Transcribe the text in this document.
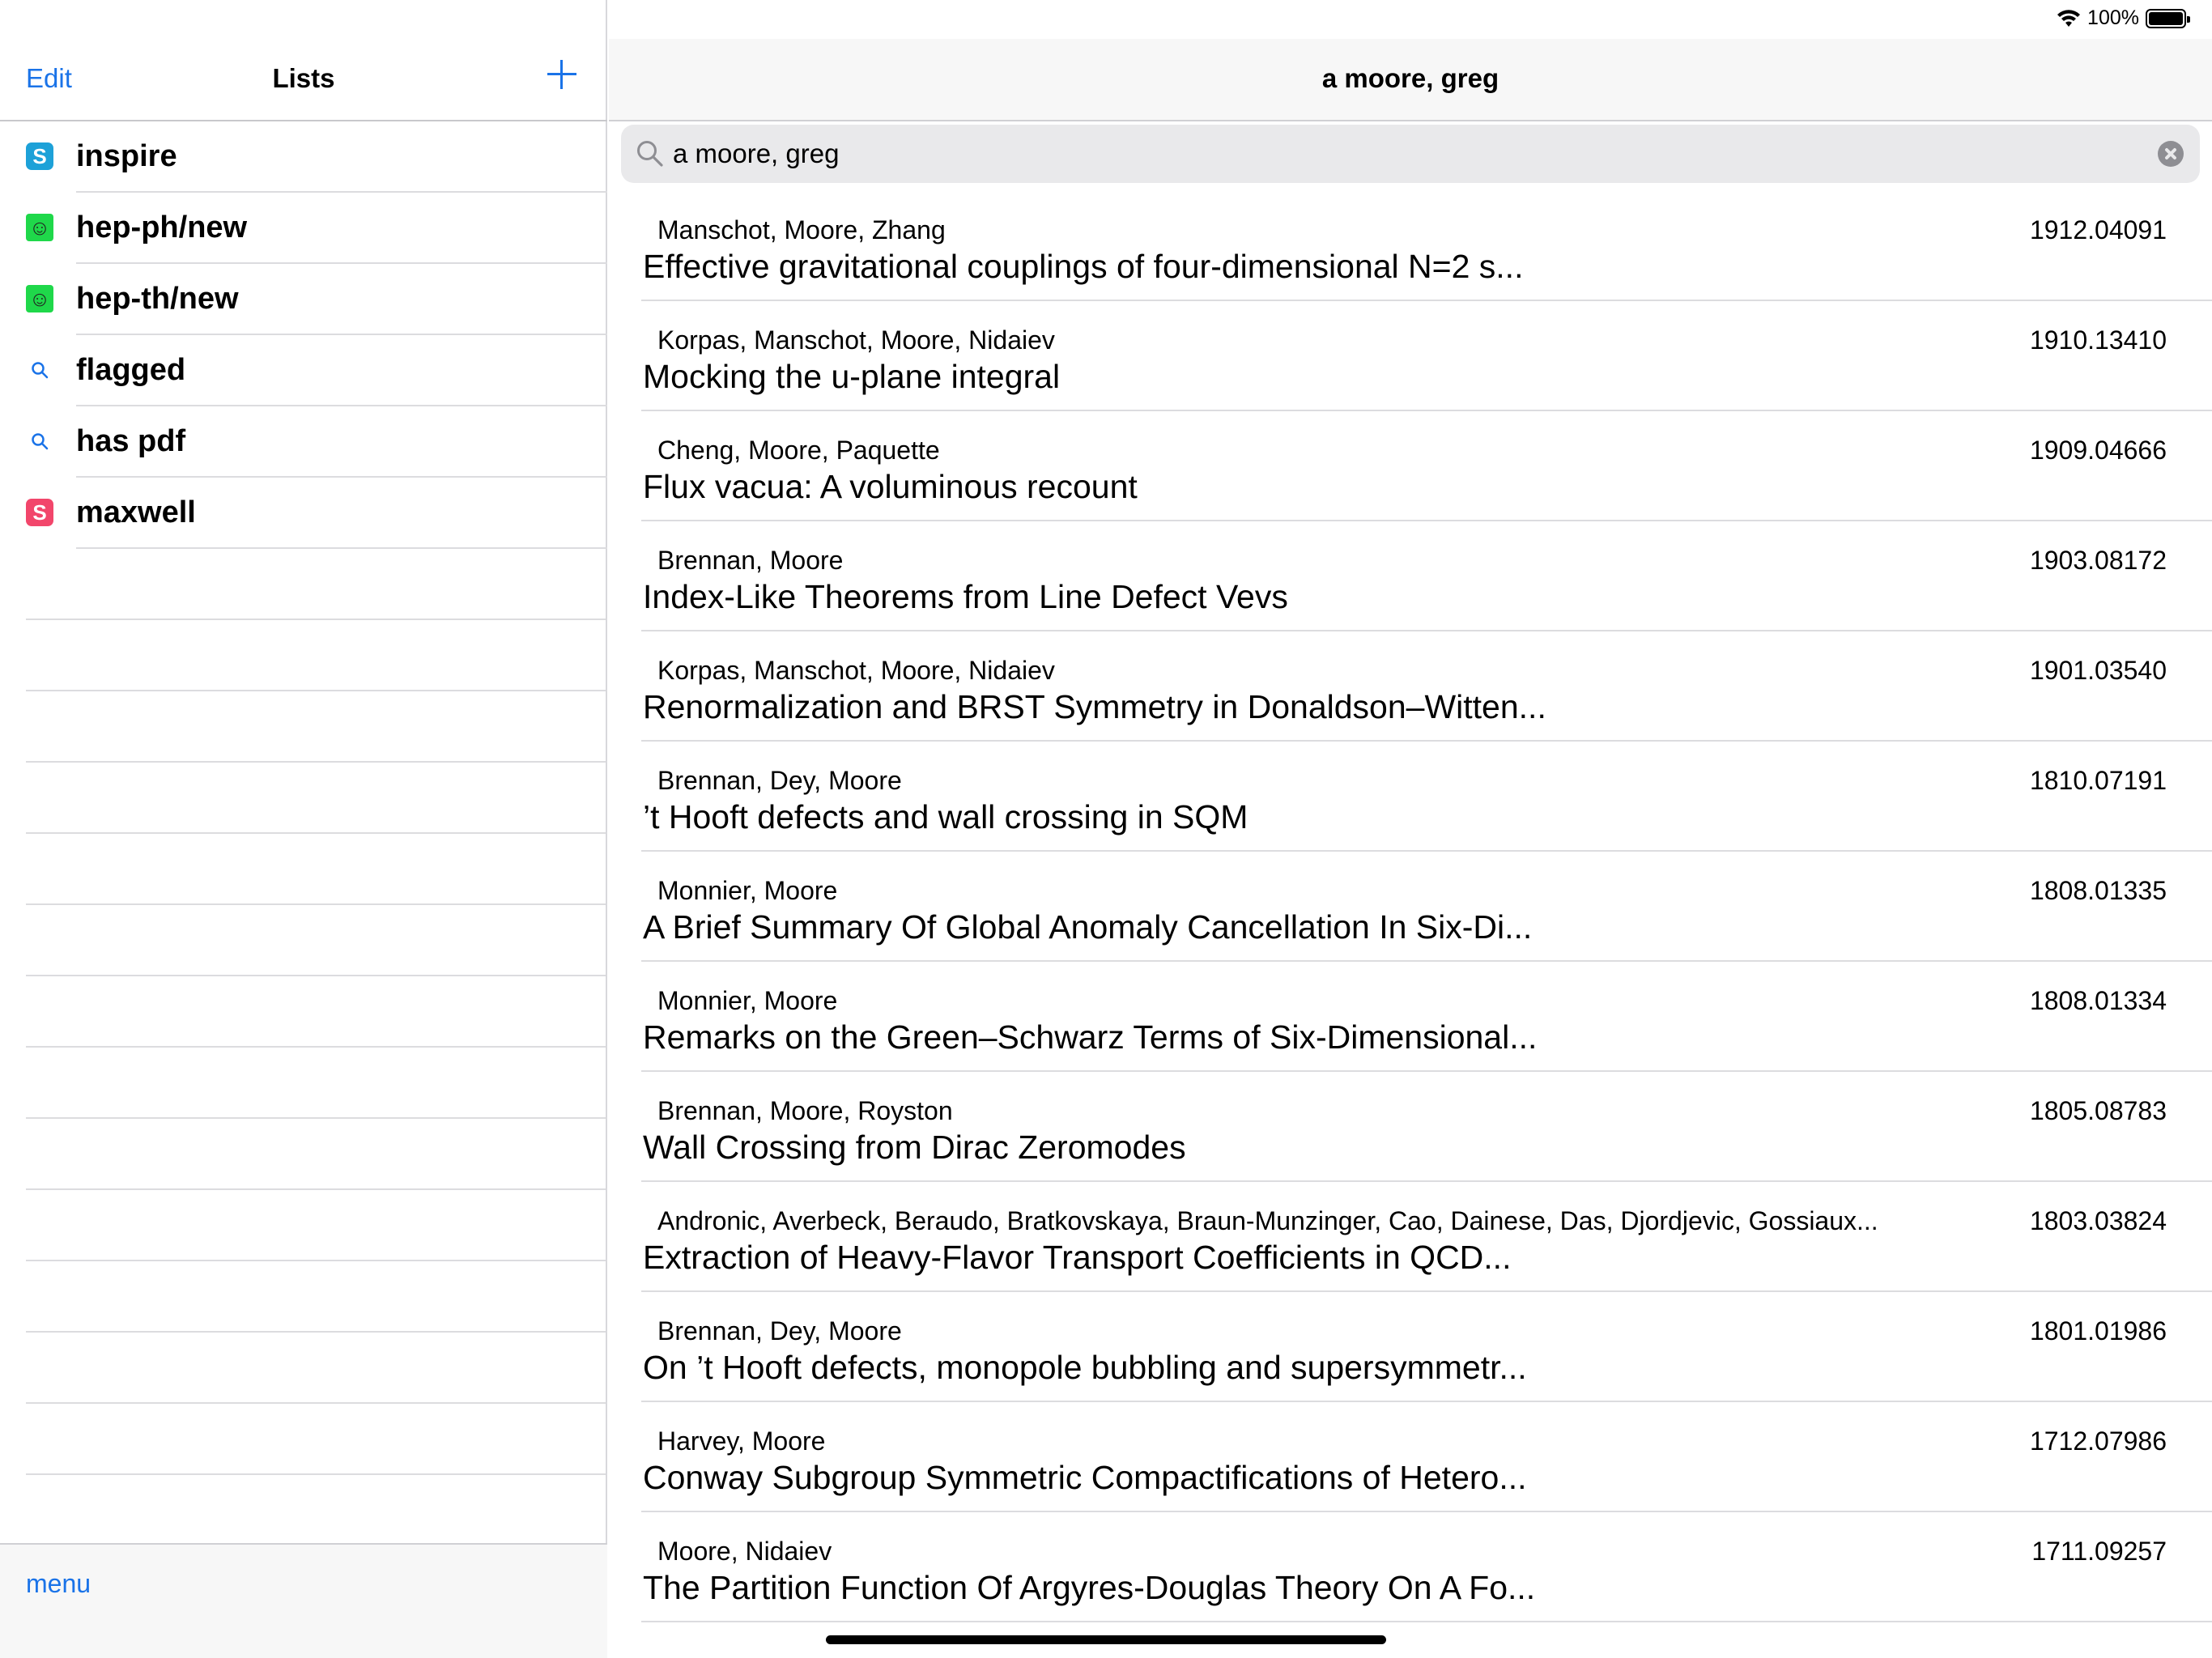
100%
Edit	Lists
S
inspire
☺
hep-ph/new
☺
hep-th/new
flagged
has pdf
S
maxwell
menu
a moore, greg
a moore, greg
Manschot, Moore, Zhang	1912.04091
Effective gravitational couplings of four-dimensional N=2 s...
Korpas, Manschot, Moore, Nidaiev	1910.13410
Mocking the u-plane integral
Cheng, Moore, Paquette	1909.04666
Flux vacua: A voluminous recount
Brennan, Moore	1903.08172
Index-Like Theorems from Line Defect Vevs
Korpas, Manschot, Moore, Nidaiev	1901.03540
Renormalization and BRST Symmetry in Donaldson–Witten...
Brennan, Dey, Moore	1810.07191
’t Hooft defects and wall crossing in SQM
Monnier, Moore	1808.01335
A Brief Summary Of Global Anomaly Cancellation In Six-Di...
Monnier, Moore	1808.01334
Remarks on the Green–Schwarz Terms of Six-Dimensional...
Brennan, Moore, Royston	1805.08783
Wall Crossing from Dirac Zeromodes
Andronic, Averbeck, Beraudo, Bratkovskaya, Braun-Munzinger, Cao, Dainese, Das, Djordjevic, Gossiaux...	1803.03824
Extraction of Heavy-Flavor Transport Coefficients in QCD...
Brennan, Dey, Moore	1801.01986
On ’t Hooft defects, monopole bubbling and supersymmetr...
Harvey, Moore	1712.07986
Conway Subgroup Symmetric Compactifications of Hetero...
Moore, Nidaiev	1711.09257
The Partition Function Of Argyres-Douglas Theory On A Fo...
